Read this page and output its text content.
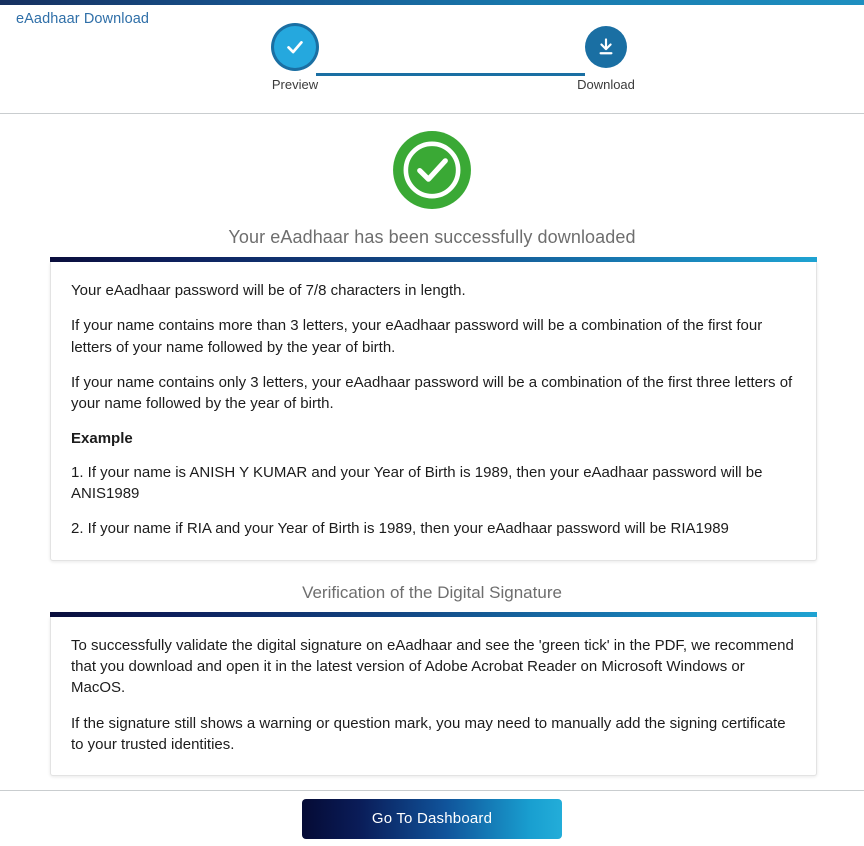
eAadhaar Download
Preview	Download
Your eAadhaar has been successfully downloaded

Your eAadhaar password will be of 7/8 characters in length.

If your name contains more than 3 letters, your eAadhaar password will be a combination of the first four letters of your name followed by the year of birth.

If your name contains only 3 letters, your eAadhaar password will be a combination of the first three letters of your name followed by the year of birth.

Example

1. If your name is ANISH Y KUMAR and your Year of Birth is 1989, then your eAadhaar password will be ANIS1989

2. If your name if RIA and your Year of Birth is 1989, then your eAadhaar password will be RIA1989

Verification of the Digital Signature

To successfully validate the digital signature on eAadhaar and see the 'green tick' in the PDF, we recommend that you download and open it in the latest version of Adobe Acrobat Reader on Microsoft Windows or MacOS.

If the signature still shows a warning or question mark, you may need to manually add the signing certificate to your trusted identities.

Go To Dashboard
